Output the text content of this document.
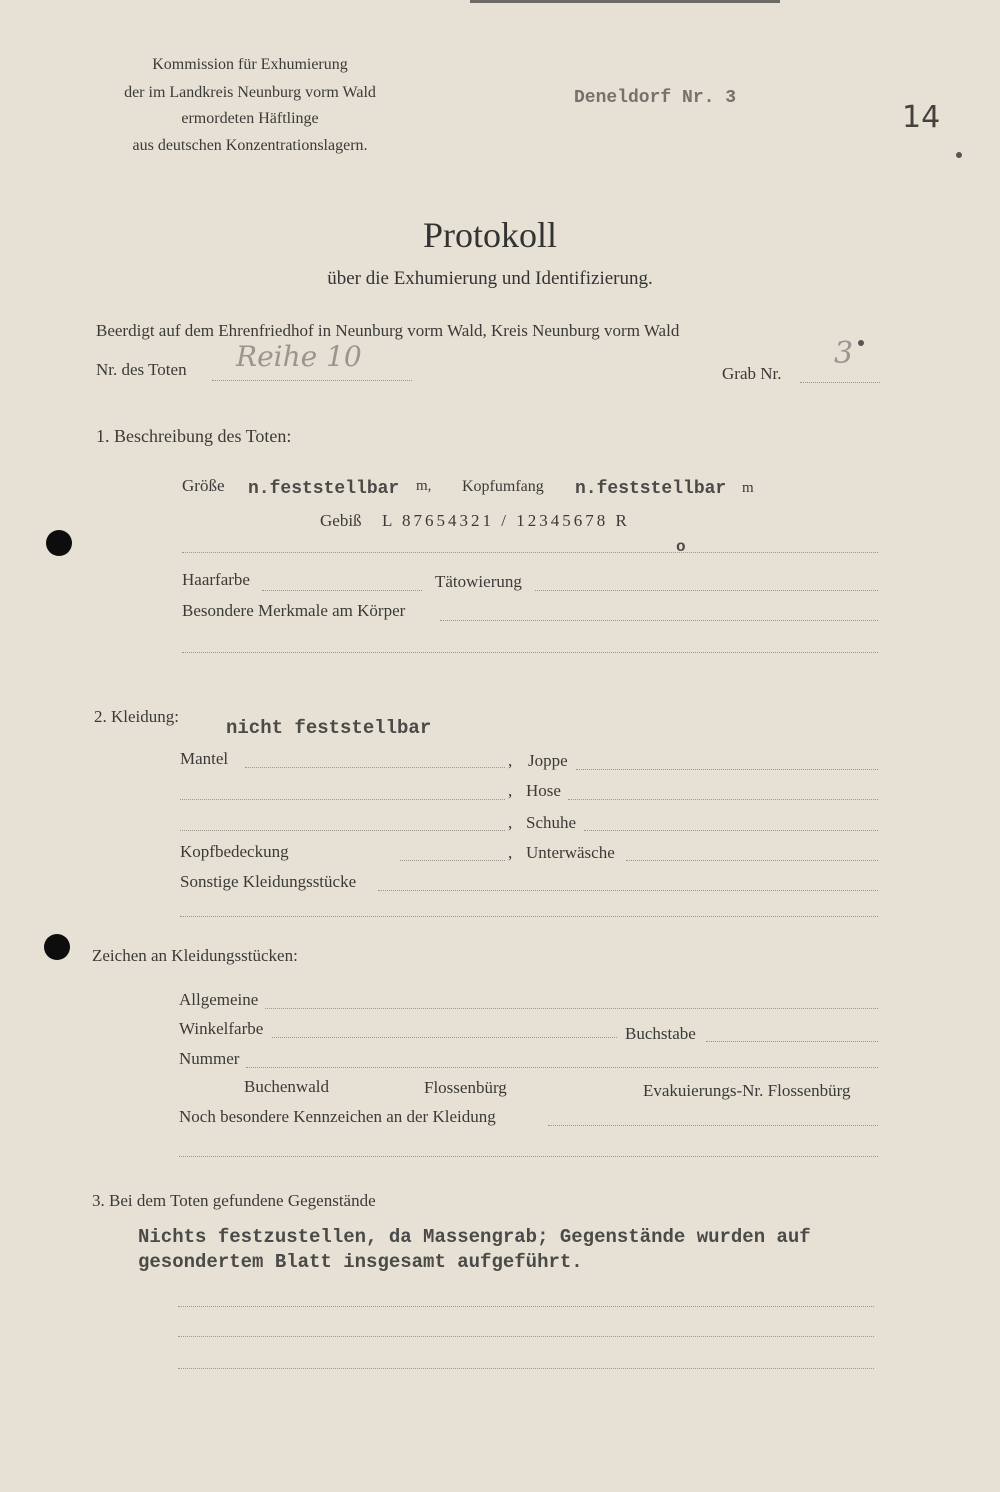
Kommission für Exhumierung
der im Landkreis Neunburg vorm Wald
ermordeten Häftlinge
aus deutschen Konzentrationslagern.
Deneldorf Nr. 3
14
Protokoll
über die Exhumierung und Identifizierung.
Beerdigt auf dem Ehrenfriedhof in Neunburg vorm Wald, Kreis Neunburg vorm Wald
Nr. des Toten Reihe 10
Grab Nr.
3
1. Beschreibung des Toten:
Größe n.feststellbar m, Kopfumfang n.feststellbar m
Gebiß L 87654321 / 12345678 R
o
Haarfarbe	Tätowierung
Besondere Merkmale am Körper
2. Kleidung:
nicht feststellbar
Mantel	, Joppe
, Hose
, Schuhe
Kopfbedeckung	, Unterwäsche
Sonstige Kleidungsstücke
Zeichen an Kleidungsstücken:
Allgemeine
Winkelfarbe	Buchstabe
Nummer
Buchenwald	Flossenbürg	Evakuierungs-Nr. Flossenbürg
Noch besondere Kennzeichen an der Kleidung
3. Bei dem Toten gefundene Gegenstände
Nichts festzustellen, da Massengrab; Gegenstände wurden auf
gesondertem Blatt insgesamt aufgeführt.
